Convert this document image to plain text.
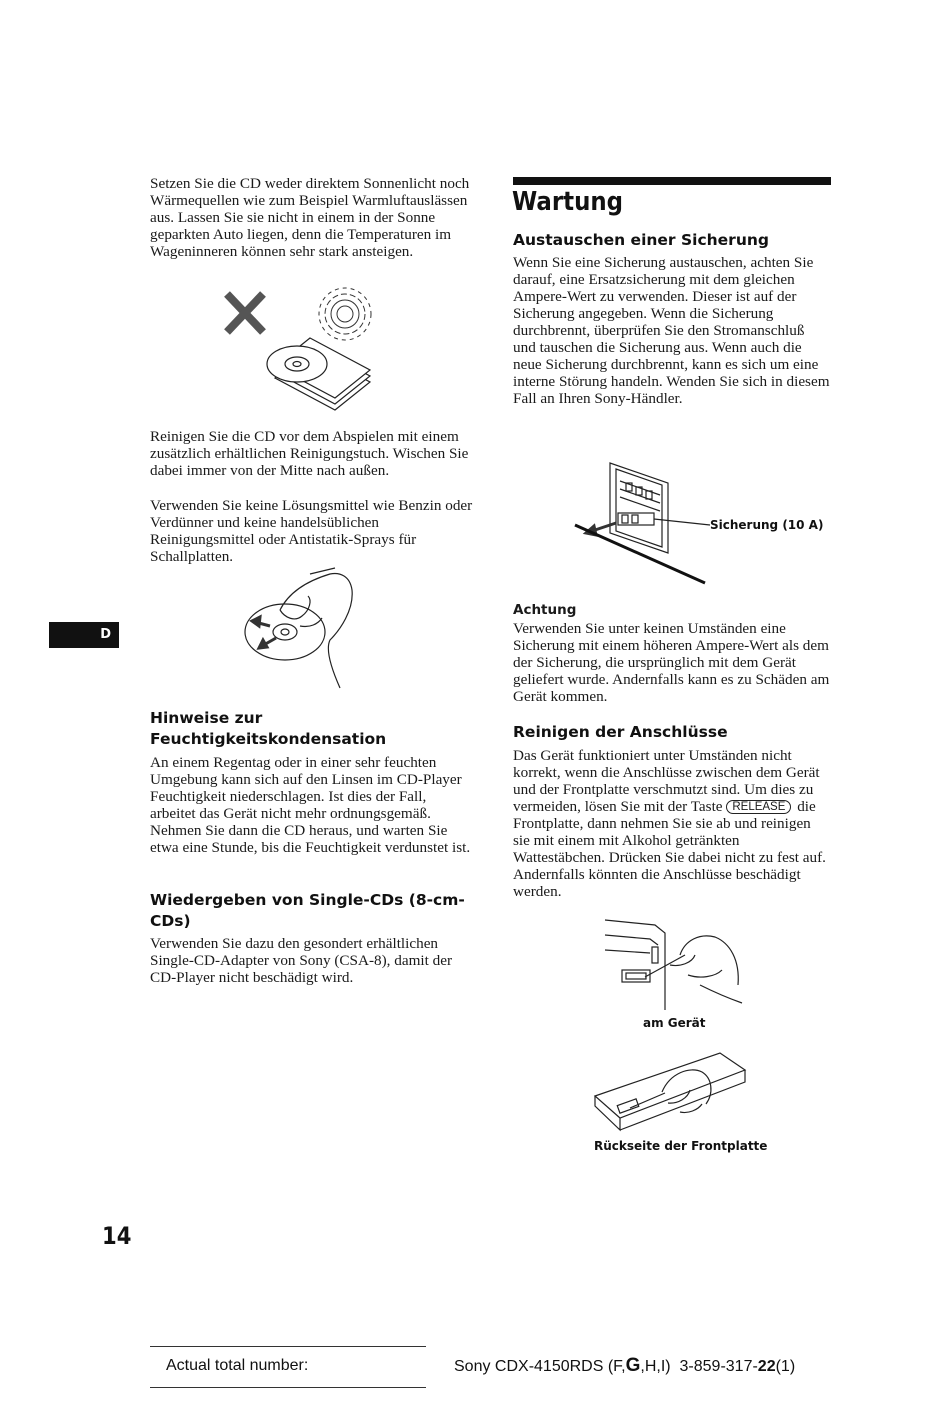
Setzen Sie die CD weder direktem Sonnenlicht noch Wärmequellen wie zum Beispiel Warmluftauslässen aus. Lassen Sie sie nicht in einem in der Sonne geparkten Auto liegen, denn die Temperaturen im Wageninneren können sehr stark ansteigen.

Reinigen Sie die CD vor dem Abspielen mit einem zusätzlich erhältlichen Reinigungstuch. Wischen Sie dabei immer von der Mitte nach außen.

Verwenden Sie keine Lösungsmittel wie Benzin oder Verdünner und keine handelsüblichen Reinigungsmittel oder Antistatik-Sprays für Schallplatten.

D
Hinweise zur Feuchtigkeitskondensation

An einem Regentag oder in einer sehr feuchten Umgebung kann sich auf den Linsen im CD-Player Feuchtigkeit niederschlagen. Ist dies der Fall, arbeitet das Gerät nicht mehr ordnungsgemäß. Nehmen Sie dann die CD heraus, und warten Sie etwa eine Stunde, bis die Feuchtigkeit verdunstet ist.

Wiedergeben von Single-CDs (8-cm-CDs)

Verwenden Sie dazu den gesondert erhältlichen Single-CD-Adapter von Sony (CSA-8), damit der CD-Player nicht beschädigt wird.

Wartung
Austauschen einer Sicherung

Wenn Sie eine Sicherung austauschen, achten Sie darauf, eine Ersatzsicherung mit dem gleichen Ampere-Wert zu verwenden. Dieser ist auf der Sicherung angegeben. Wenn die Sicherung durchbrennt, überprüfen Sie den Stromanschluß und tauschen die Sicherung aus. Wenn auch die neue Sicherung durchbrennt, kann es sich um eine interne Störung handeln. Wenden Sie sich in diesem Fall an Ihren Sony-Händler.

Sicherung (10 A)
Achtung

Verwenden Sie unter keinen Umständen eine Sicherung mit einem höheren Ampere-Wert als dem der Sicherung, die ursprünglich mit dem Gerät geliefert wurde. Andernfalls kann es zu Schäden am Gerät kommen.

Reinigen der Anschlüsse

Das Gerät funktioniert unter Umständen nicht korrekt, wenn die Anschlüsse zwischen dem Gerät und der Frontplatte verschmutzt sind. Um dies zu vermeiden, lösen Sie mit der Taste RELEASE die Frontplatte, dann nehmen Sie sie ab und reinigen sie mit einem mit Alkohol getränkten Wattestäbchen. Drücken Sie dabei nicht zu fest auf. Andernfalls könnten die Anschlüsse beschädigt werden.

am Gerät
Rückseite der Frontplatte
14
Actual total number:	Sony CDX-4150RDS (F,G,H,I)  3-859-317-22(1)
